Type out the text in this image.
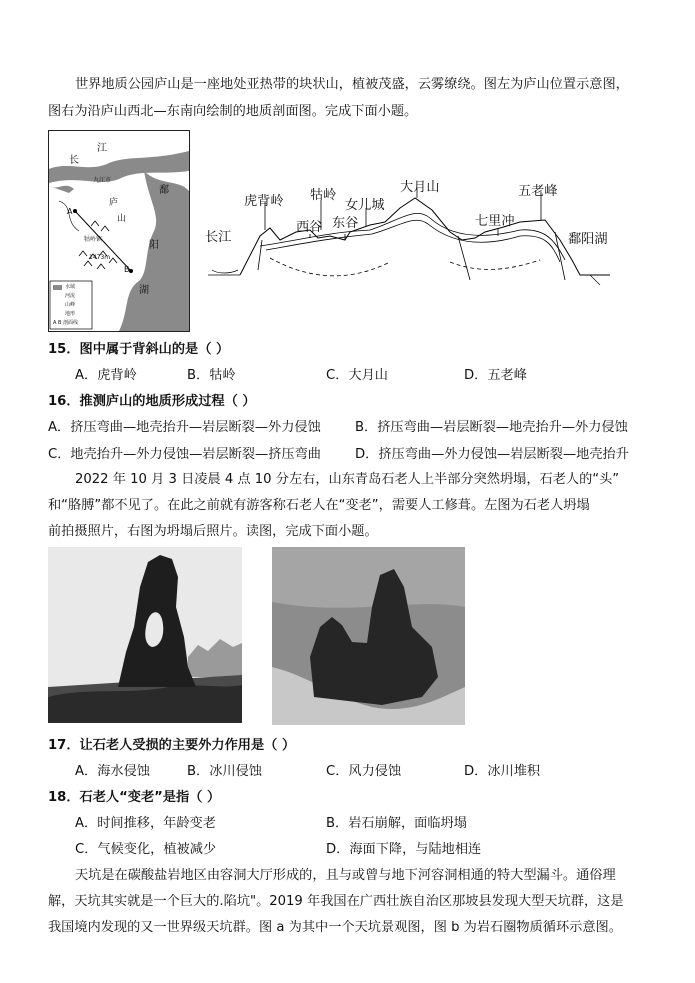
世界地质公园庐山是一座地处亚热带的块状山，植被茂盛，云雾缭绕。图左为庐山位置示意图，
图右为沿庐山西北—东南向绘制的地质剖面图。完成下面小题。
江
长
九江市
A
庐
山
鄱
阳
湖
B
1473m
牯岭镇
水域
河流
山峰
地形
A B 剖面线
虎背岭 牯岭
大月山	五老峰
女儿城
西谷 东谷
长江
七里冲
鄱阳湖
15．图中属于背斜山的是（ ）
A．虎背岭	B．牯岭	C．大月山	D．五老峰
16．推测庐山的地质形成过程（ ）
A．挤压弯曲—地壳抬升—岩层断裂—外力侵蚀	B．挤压弯曲—岩层断裂—地壳抬升—外力侵蚀
C．地壳抬升—外力侵蚀—岩层断裂—挤压弯曲	D．挤压弯曲—外力侵蚀—岩层断裂—地壳抬升
2022 年 10 月 3 日凌晨 4 点 10 分左右，山东青岛石老人上半部分突然坍塌，石老人的“头”
和“胳膊”都不见了。在此之前就有游客称石老人在“变老”，需要人工修葺。左图为石老人坍塌
前拍摄照片，右图为坍塌后照片。读图，完成下面小题。
17．让石老人受损的主要外力作用是（ ）
A．海水侵蚀	B．冰川侵蚀	C．风力侵蚀	D．冰川堆积
18．石老人“变老”是指（ ）
A．时间推移，年龄变老	B．岩石崩解，面临坍塌
C．气候变化，植被减少	D．海面下降，与陆地相连
天坑是在碳酸盐岩地区由容洞大厅形成的，且与或曾与地下河容洞相通的特大型漏斗。通俗理
解，天坑其实就是一个巨大的.陷坑"。2019 年我国在广西壮族自治区那坡县发现大型天坑群，这是
我国境内发现的又一世界级天坑群。图 a 为其中一个天坑景观图，图 b 为岩石圈物质循环示意图。
